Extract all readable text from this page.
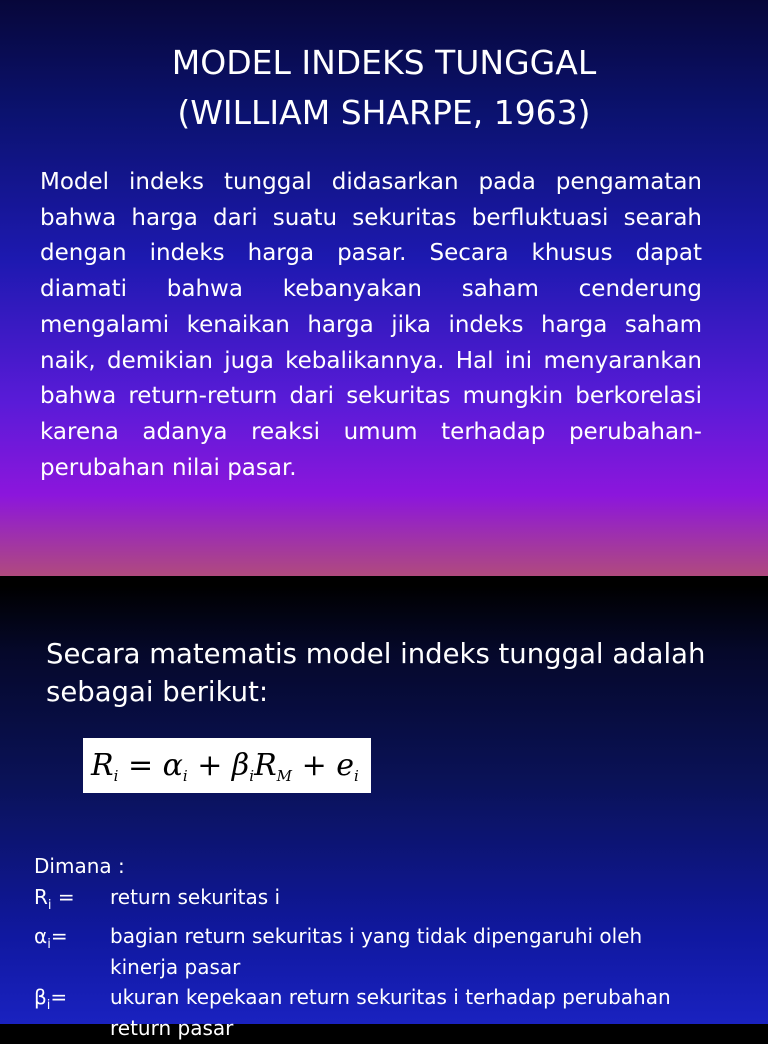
MODEL INDEKS TUNGGAL
(WILLIAM SHARPE, 1963)
Model indeks tunggal didasarkan pada pengamatan bahwa harga dari suatu sekuritas berfluktuasi searah dengan indeks harga pasar. Secara khusus dapat diamati bahwa kebanyakan saham cenderung mengalami kenaikan harga jika indeks harga saham naik, demikian juga kebalikannya. Hal ini menyarankan bahwa return-return dari sekuritas mungkin berkorelasi karena adanya reaksi umum terhadap perubahan-perubahan nilai pasar.
Secara matematis model indeks tunggal adalah sebagai berikut:
$R_i = \alpha_i + \beta_iR_M + e_i$
Dimana :
$R_i$ =	return sekuritas i
$\alpha_i=$	bagian return sekuritas i yang tidak dipengaruhi oleh kinerja pasar
$\beta_i=$	ukuran kepekaan return sekuritas i terhadap perubahan return pasar
